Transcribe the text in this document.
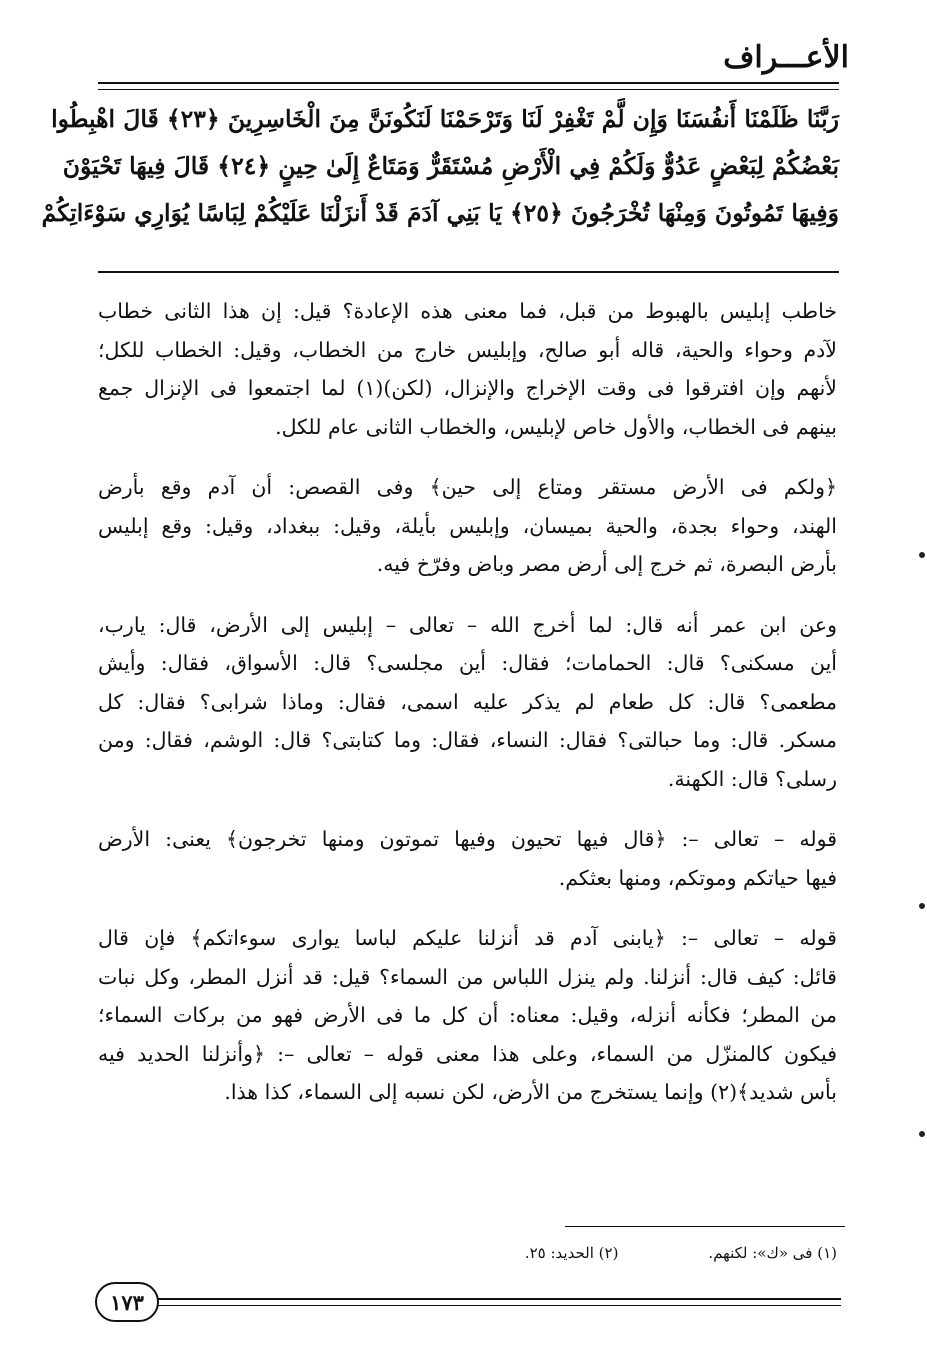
الأعـــراف
رَبَّنَا ظَلَمْنَا أَنفُسَنَا وَإِن لَّمْ تَغْفِرْ لَنَا وَتَرْحَمْنَا لَنَكُونَنَّ مِنَ الْخَاسِرِينَ ﴿٢٣﴾ قَالَ اهْبِطُوا
بَعْضُكُمْ لِبَعْضٍ عَدُوٌّ وَلَكُمْ فِي الْأَرْضِ مُسْتَقَرٌّ وَمَتَاعٌ إِلَىٰ حِينٍ ﴿٢٤﴾ قَالَ فِيهَا تَحْيَوْنَ
وَفِيهَا تَمُوتُونَ وَمِنْهَا تُخْرَجُونَ ﴿٢٥﴾ يَا بَنِي آدَمَ قَدْ أَنزَلْنَا عَلَيْكُمْ لِبَاسًا يُوَارِي سَوْءَاتِكُمْ
خاطب إبليس بالهبوط من قبل، فما معنى هذه الإعادة؟ قيل: إن هذا الثانى خطاب
لآدم وحواء والحية، قاله أبو صالح، وإبليس خارج من الخطاب، وقيل: الخطاب للكل؛
لأنهم وإن افترقوا فى وقت الإخراج والإنزال، (لكن)(١) لما اجتمعوا فى الإنزال جمع
بينهم فى الخطاب، والأول خاص لإبليس، والخطاب الثانى عام للكل.
﴿ولكم فى الأرض مستقر ومتاع إلى حين﴾ وفى القصص: أن آدم وقع بأرض
الهند، وحواء بجدة، والحية بميسان، وإبليس بأيلة، وقيل: ببغداد، وقيل: وقع إبليس
بأرض البصرة، ثم خرج إلى أرض مصر وباض وفرّخ فيه.
وعن ابن عمر أنه قال: لما أخرج الله – تعالى – إبليس إلى الأرض، قال: يارب،
أين مسكنى؟ قال: الحمامات؛ فقال: أين مجلسى؟ قال: الأسواق، فقال: وأيش
مطعمى؟ قال: كل طعام لم يذكر عليه اسمى، فقال: وماذا شرابى؟ فقال: كل
مسكر. قال: وما حبالتى؟ فقال: النساء، فقال: وما كتابتى؟ قال: الوشم، فقال: ومن
رسلى؟ قال: الكهنة.
قوله – تعالى –: ﴿قال فيها تحيون وفيها تموتون ومنها تخرجون﴾ يعنى: الأرض
فيها حياتكم وموتكم، ومنها بعثكم.
قوله – تعالى –: ﴿يابنى آدم قد أنزلنا عليكم لباسا يوارى سوءاتكم﴾ فإن قال
قائل: كيف قال: أنزلنا. ولم ينزل اللباس من السماء؟ قيل: قد أنزل المطر، وكل نبات
من المطر؛ فكأنه أنزله، وقيل: معناه: أن كل ما فى الأرض فهو من بركات السماء؛
فيكون كالمنزّل من السماء، وعلى هذا معنى قوله – تعالى –: ﴿وأنزلنا الحديد فيه
بأس شديد﴾(٢) وإنما يستخرج من الأرض، لكن نسبه إلى السماء، كذا هذا.
(١) فى «ك»: لكنهم.
(٢) الحديد: ٢٥.
١٧٣
